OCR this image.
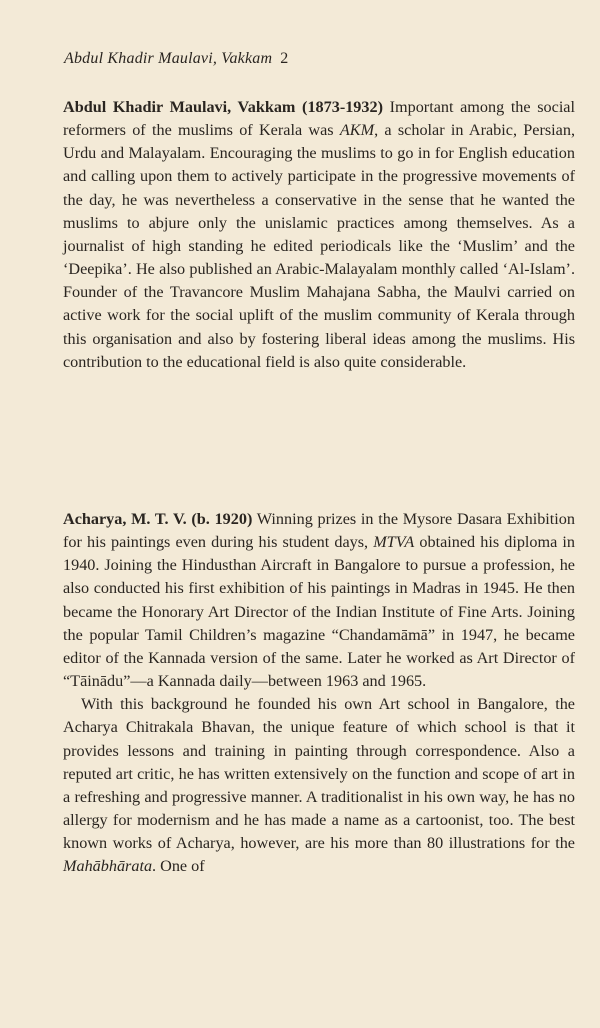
Abdul Khadir Maulavi, Vakkam 2

Abdul Khadir Maulavi, Vakkam (1873-1932) Important among the social reformers of the muslims of Kerala was AKM, a scholar in Arabic, Persian, Urdu and Malayalam. Encouraging the muslims to go in for English education and calling upon them to actively participate in the progressive movements of the day, he was nevertheless a conservative in the sense that he wanted the muslims to abjure only the unislamic practices among themselves. As a journalist of high standing he edited periodicals like the ‘Muslim’ and the ‘Deepika’. He also published an Arabic-Malayalam monthly called ‘Al-Islam’. Founder of the Travancore Muslim Mahajana Sabha, the Maulvi carried on active work for the social uplift of the muslim community of Kerala through this organisation and also by fostering liberal ideas among the muslims. His contribution to the educational field is also quite considerable.

Acharya, M. T. V. (b. 1920) Winning prizes in the Mysore Dasara Exhibition for his paintings even during his student days, MTVA obtained his diploma in 1940. Joining the Hindusthan Aircraft in Bangalore to pursue a profession, he also conducted his first exhibition of his paintings in Madras in 1945. He then became the Honorary Art Director of the Indian Institute of Fine Arts. Joining the popular Tamil Children’s magazine “Chandamāmā” in 1947, he became editor of the Kannada version of the same. Later he worked as Art Director of “Tāinādu”—a Kannada daily—between 1963 and 1965.

With this background he founded his own Art school in Bangalore, the Acharya Chitrakala Bhavan, the unique feature of which school is that it provides lessons and training in painting through correspondence. Also a reputed art critic, he has written extensively on the function and scope of art in a refreshing and progressive manner. A traditionalist in his own way, he has no allergy for modernism and he has made a name as a cartoonist, too. The best known works of Acharya, however, are his more than 80 illustrations for the Mahābhārata. One of
